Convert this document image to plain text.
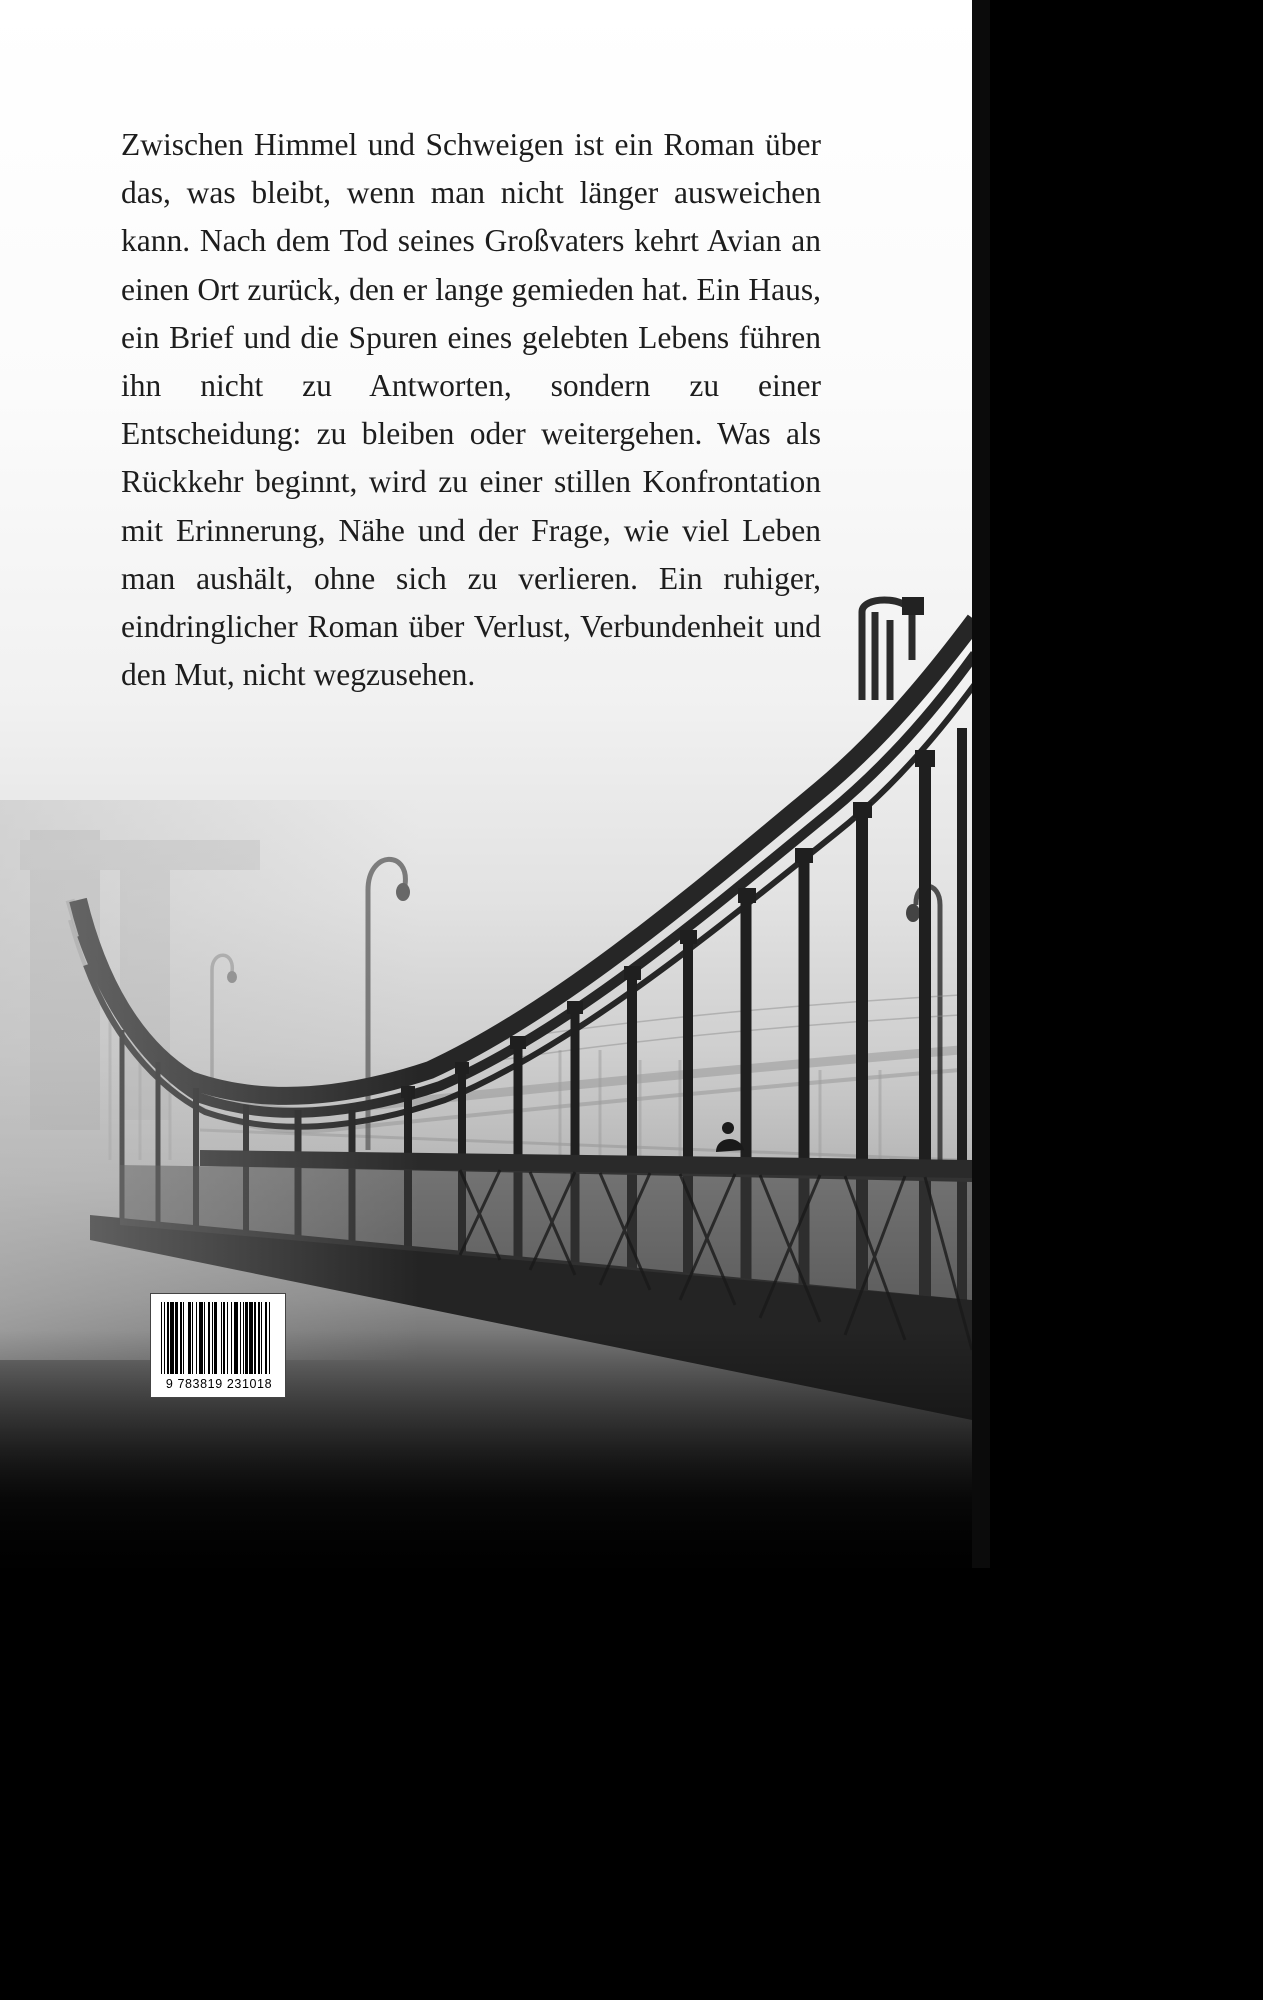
Zwischen Himmel und Schweigen ist ein Roman über das, was bleibt, wenn man nicht länger ausweichen kann. Nach dem Tod seines Großvaters kehrt Avian an einen Ort zurück, den er lange gemieden hat. Ein Haus, ein Brief und die Spuren eines gelebten Lebens führen ihn nicht zu Antworten, sondern zu einer Entscheidung: zu bleiben oder weitergehen. Was als Rückkehr beginnt, wird zu einer stillen Konfrontation mit Erinnerung, Nähe und der Frage, wie viel Leben man aushält, ohne sich zu verlieren. Ein ruhiger, eindringlicher Roman über Verlust, Verbundenheit und den Mut, nicht wegzusehen.

9 783819 231018
